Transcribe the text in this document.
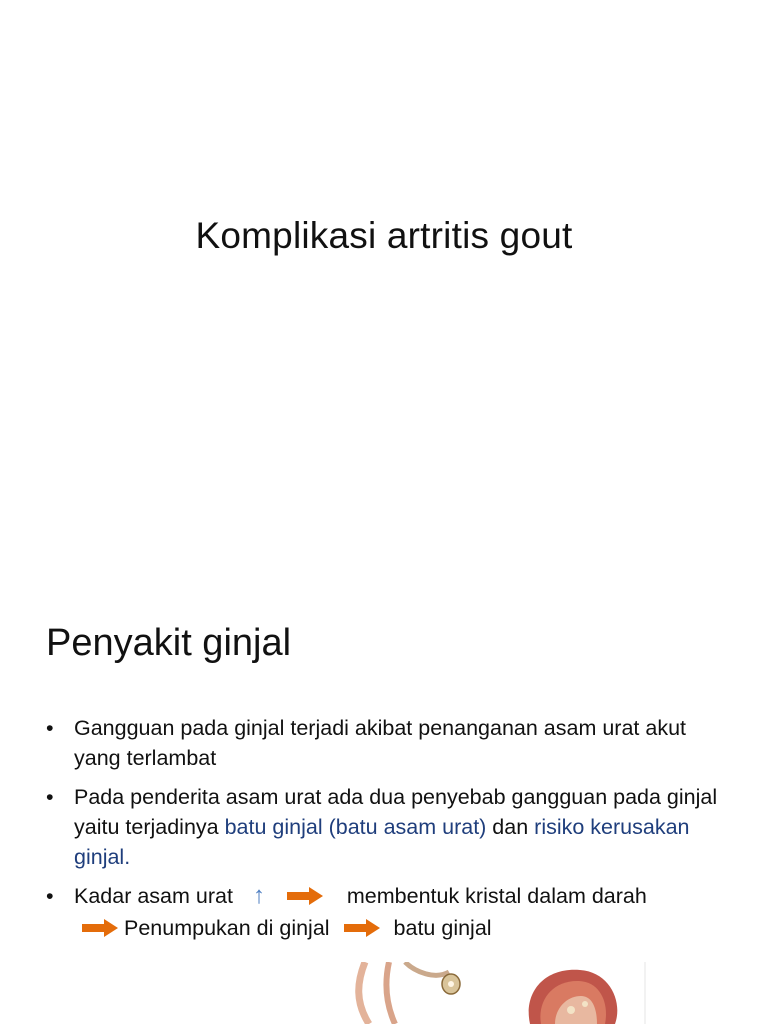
Komplikasi artritis gout
Penyakit ginjal
• Gangguan pada ginjal terjadi akibat penanganan asam urat akut yang terlambat
• Pada penderita asam urat ada dua penyebab gangguan pada ginjal yaitu terjadinya batu ginjal (batu asam urat) dan risiko kerusakan ginjal.
• Kadar asam urat ↑	membentuk kristal dalam darah
Penumpukan di ginjal	batu ginjal
